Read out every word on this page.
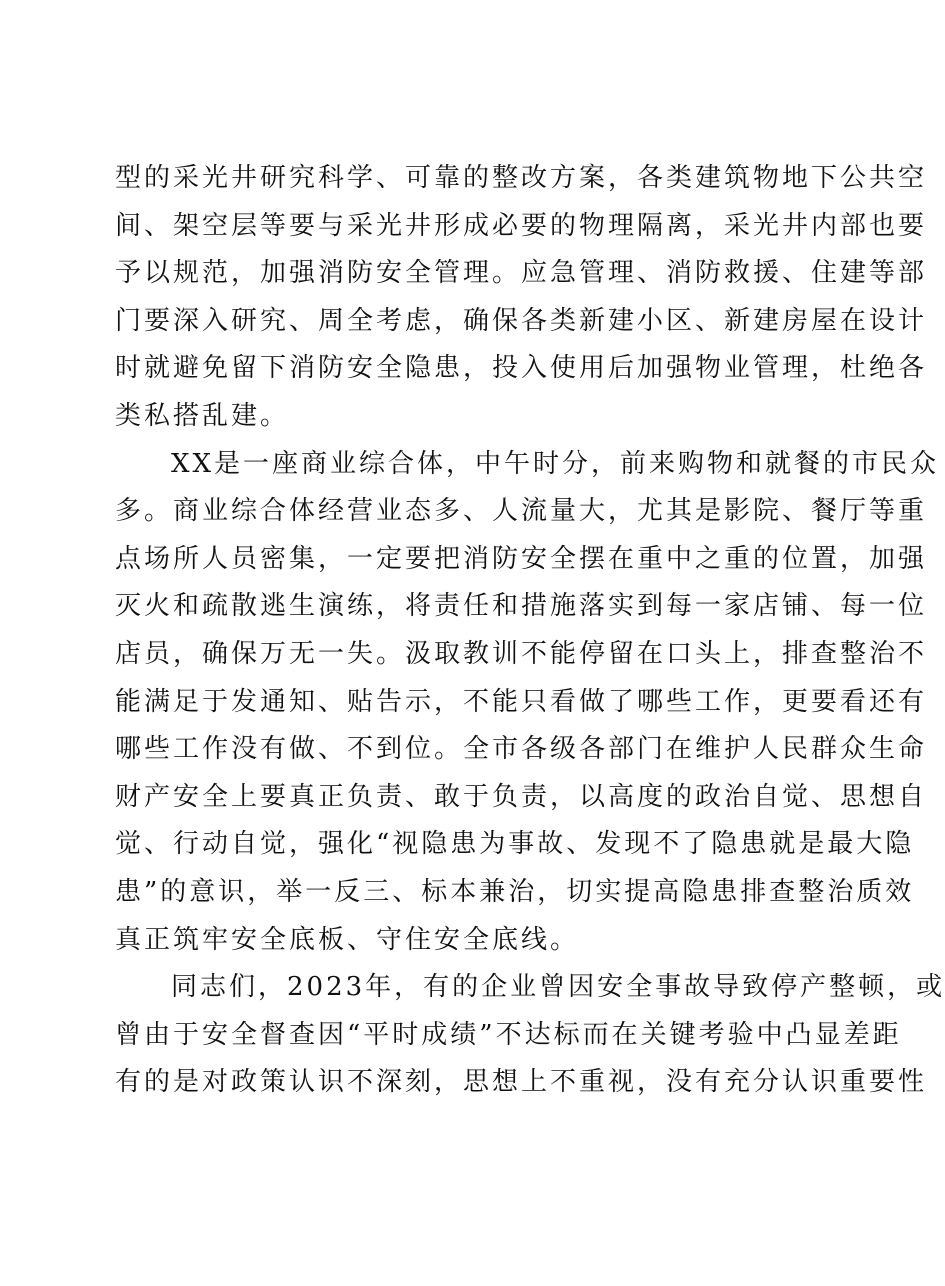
型的采光井研究科学、可靠的整改方案，各类建筑物地下公共空
间、架空层等要与采光井形成必要的物理隔离，采光井内部也要
予以规范，加强消防安全管理。应急管理、消防救援、住建等部
门要深入研究、周全考虑，确保各类新建小区、新建房屋在设计
时就避免留下消防安全隐患，投入使用后加强物业管理，杜绝各
类私搭乱建。
XX是一座商业综合体，中午时分，前来购物和就餐的市民众
多。商业综合体经营业态多、人流量大，尤其是影院、餐厅等重
点场所人员密集，一定要把消防安全摆在重中之重的位置，加强
灭火和疏散逃生演练，将责任和措施落实到每一家店铺、每一位
店员，确保万无一失。汲取教训不能停留在口头上，排查整治不
能满足于发通知、贴告示，不能只看做了哪些工作，更要看还有
哪些工作没有做、不到位。全市各级各部门在维护人民群众生命
财产安全上要真正负责、敢于负责，以高度的政治自觉、思想自
觉、行动自觉，强化“视隐患为事故、发现不了隐患就是最大隐
患”的意识，举一反三、标本兼治，切实提高隐患排查整治质效
真正筑牢安全底板、守住安全底线。
同志们，2023年，有的企业曾因安全事故导致停产整顿，或
曾由于安全督查因“平时成绩”不达标而在关键考验中凸显差距
有的是对政策认识不深刻，思想上不重视，没有充分认识重要性
